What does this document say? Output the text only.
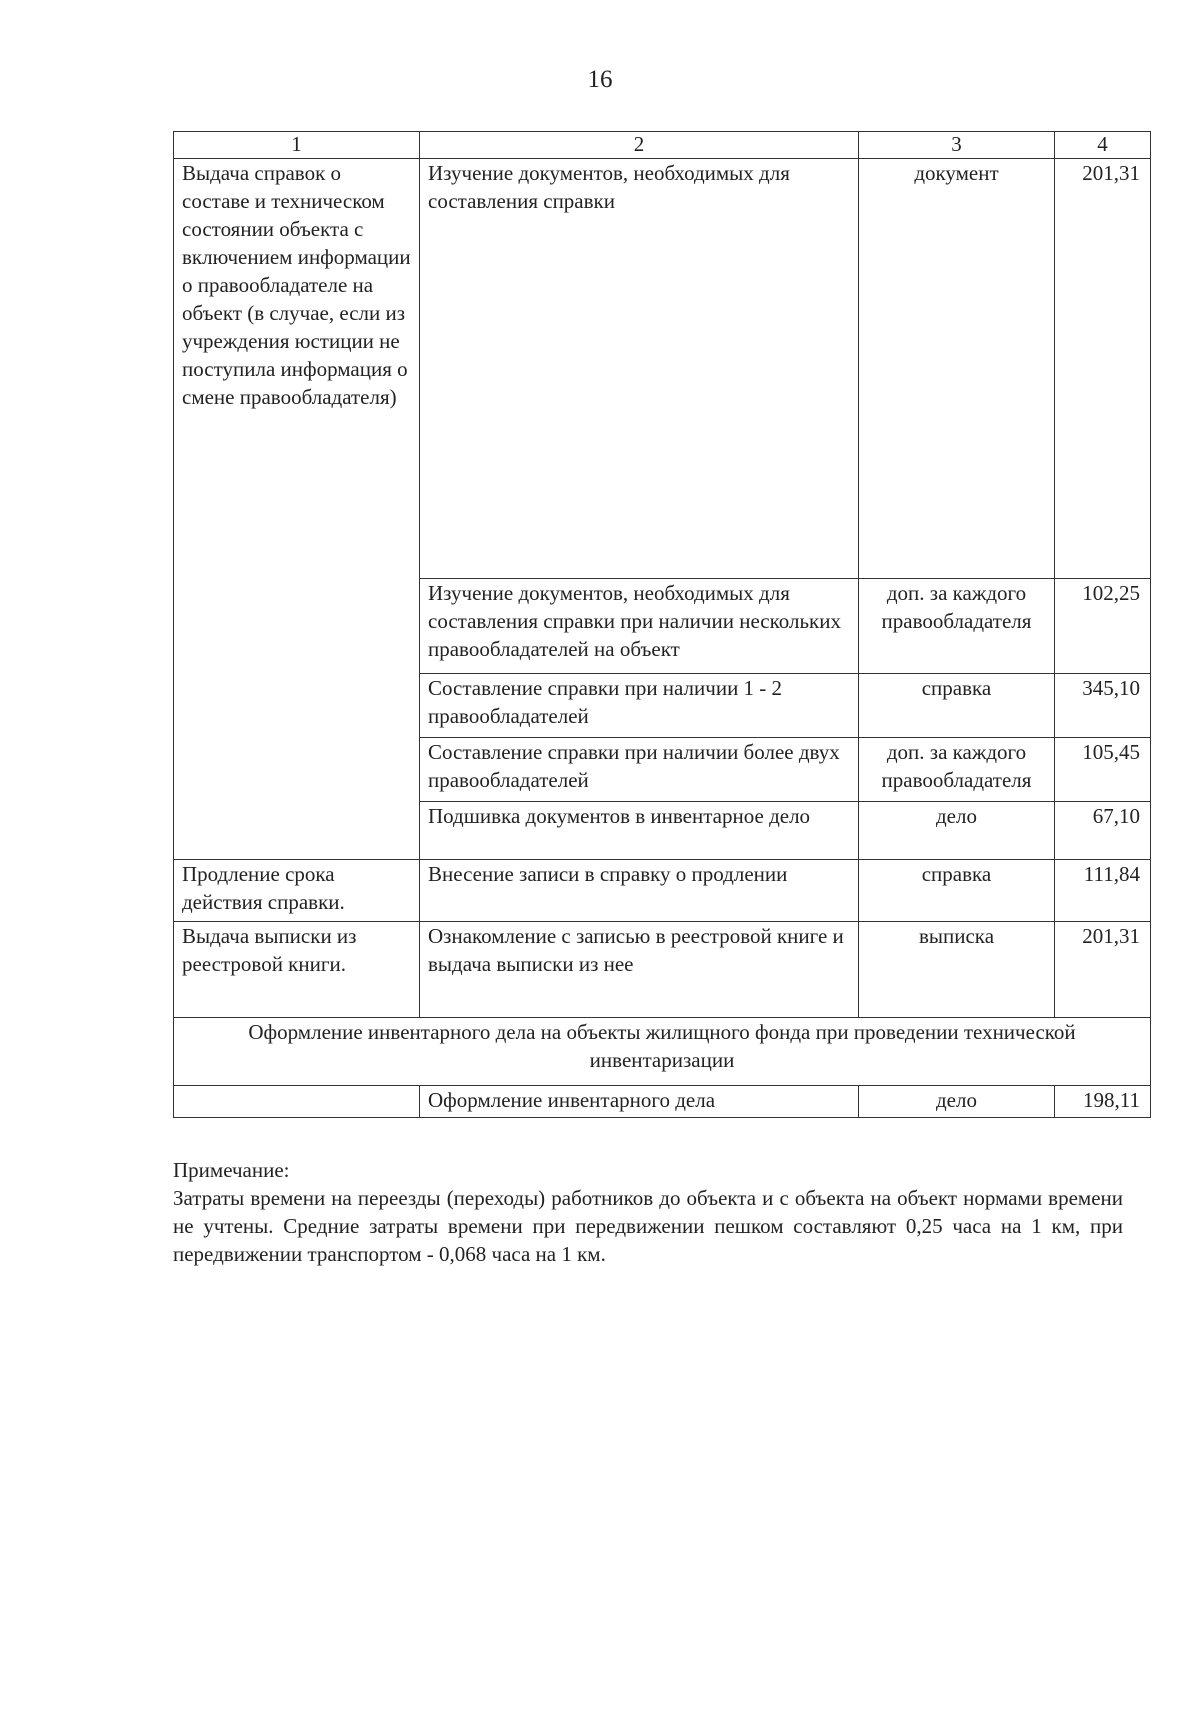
16
1	2	3	4
Выдача справок о составе и техническом состоянии объекта с включением информации о правообладателе на объект (в случае, если из учреждения юстиции не поступила информация о смене правообладателя)	Изучение документов, необходимых для составления справки	документ	201,31
	Изучение документов, необходимых для составления справки при наличии нескольких правообладателей на объект	доп. за каждого правообладателя	102,25
	Составление справки при наличии 1 - 2 правообладателей	справка	345,10
	Составление справки при наличии более двух правообладателей	доп. за каждого правообладателя	105,45
	Подшивка документов в инвентарное дело	дело	67,10
Продление срока действия справки.	Внесение записи в справку о продлении	справка	111,84
Выдача выписки из реестровой книги.	Ознакомление с записью в реестровой книге и выдача выписки из нее	выписка	201,31
Оформление инвентарного дела на объекты жилищного фонда при проведении технической инвентаризации			
	Оформление инвентарного дела	дело	198,11
Примечание:
Затраты времени на переезды (переходы) работников до объекта и с объекта на объект нормами времени не учтены. Средние затраты времени при передвижении пешком составляют 0,25 часа на 1 км, при передвижении транспортом - 0,068 часа на 1 км.
